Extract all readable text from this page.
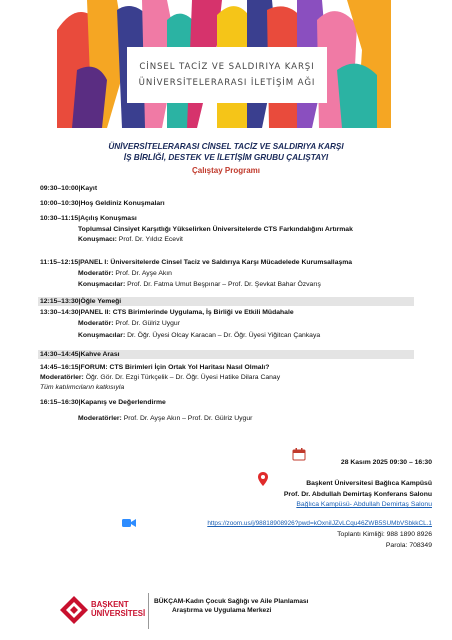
CİNSEL TACİZ VE SALDIRIYA KARŞI
ÜNİVERSİTELERARASI İLETİŞİM AĞI
ÜNİVERSİTELERARASI CİNSEL TACİZ VE SALDIRIYA KARŞI
İŞ BİRLİĞİ, DESTEK VE İLETİŞİM GRUBU ÇALIŞTAYI
Çalıştay Programı
09:30–10:00|Kayıt
10:00–10:30|Hoş Geldiniz Konuşmaları
10:30–11:15|Açılış Konuşması
Toplumsal Cinsiyet Karşıtlığı Yükselirken Üniversitelerde CTS Farkındalığını Artırmak
Konuşmacı: Prof. Dr. Yıldız Ecevit
11:15–12:15|PANEL I: Üniversitelerde Cinsel Taciz ve Saldırıya Karşı Mücadelede Kurumsallaşma
Moderatör: Prof. Dr. Ayşe Akın
Konuşmacılar: Prof. Dr. Fatma Umut Beşpınar – Prof. Dr. Şevkat Bahar Özvarış
12:15–13:30|Öğle Yemeği
13:30–14:30|PANEL II: CTS Birimlerinde Uygulama, İş Birliği ve Etkili Müdahale
Moderatör: Prof. Dr. Gülriz Uygur
Konuşmacılar: Dr. Öğr. Üyesi Olcay Karacan – Dr. Öğr. Üyesi Yiğitcan Çankaya
14:30–14:45|Kahve Arası
14:45–16:15|FORUM: CTS Birimleri İçin Ortak Yol Haritası Nasıl Olmalı?
Moderatörler: Öğr. Gör. Dr. Ezgi Türkçelik – Dr. Öğr. Üyesi Hatike Dilara Canay
Tüm katılımcıların katkısıyla
16:15–16:30|Kapanış ve Değerlendirme
Moderatörler: Prof. Dr. Ayşe Akın – Prof. Dr. Gülriz Uygur
28 Kasım 2025 09:30 – 16:30
Başkent Üniversitesi Bağlıca Kampüsü
Prof. Dr. Abdullah Demirtaş Konferans Salonu
Bağlıca Kampüsü- Abdullah Demirtaş Salonu
https://zoom.us/j/98818908926?pwd=kOxniIJZvLCqu46ZWB5SUMbVSbkkCL.1
Toplantı Kimliği: 988 1890 8926
Parola: 708349
BAŞKENT
ÜNİVERSİTESİ
BÜKÇAM-Kadın Çocuk Sağlığı ve Aile Planlaması
Araştırma ve Uygulama Merkezi
